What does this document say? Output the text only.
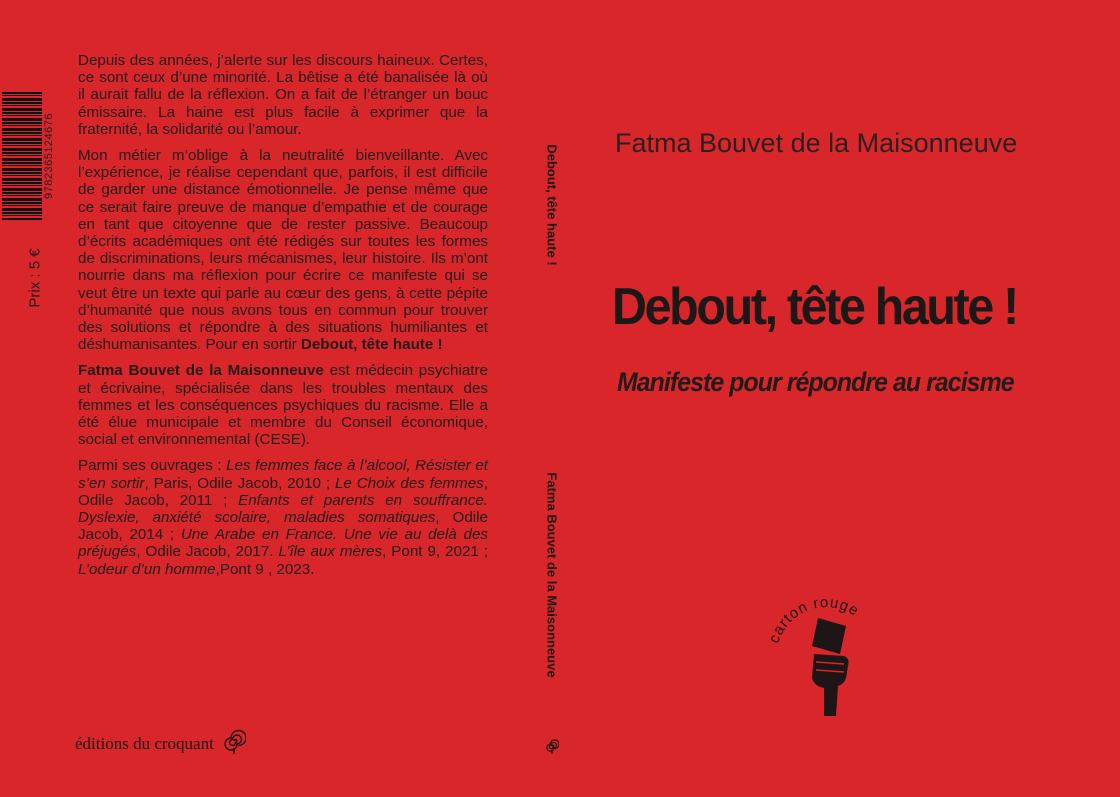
9782365124676
Prix : 5 €

Depuis des années, j’alerte sur les discours haineux. Certes, ce sont ceux d’une minorité. La bêtise a été banalisée là où il aurait fallu de la réflexion. On a fait de l’étranger un bouc émissaire. La haine est plus facile à exprimer que la fraternité, la solidarité ou l’amour.

Mon métier m’oblige à la neutralité bienveillante. Avec l’expérience, je réalise cependant que, parfois, il est difficile de garder une distance émotionnelle. Je pense même que ce serait faire preuve de manque d’empathie et de courage en tant que citoyenne que de rester passive. Beaucoup d’écrits académiques ont été rédigés sur toutes les formes de discriminations, leurs mécanismes, leur histoire. Ils m’ont nourrie dans ma réflexion pour écrire ce manifeste qui se veut être un texte qui parle au cœur des gens, à cette pépite d’humanité que nous avons tous en commun pour trouver des solutions et répondre à des situations humiliantes et déshumanisantes. Pour en sortir Debout, tête haute !

Fatma Bouvet de la Maisonneuve est médecin psychiatre et écrivaine, spécialisée dans les troubles mentaux des femmes et les conséquences psychiques du racisme. Elle a été élue municipale et membre du Conseil économique, social et environnemental (CESE).

Parmi ses ouvrages : Les femmes face à l’alcool, Résister et s’en sortir, Paris, Odile Jacob, 2010 ; Le Choix des femmes, Odile Jacob, 2011 ; Enfants et parents en souffrance. Dyslexie, anxiété scolaire, maladies somatiques, Odile Jacob, 2014 ; Une Arabe en France. Une vie au delà des préjugés, Odile Jacob, 2017. L’île aux mères, Pont 9, 2021 ; L’odeur d’un homme,Pont 9 , 2023.

éditions du croquant
Debout, tête haute !
Fatma Bouvet de la Maisonneuve
Fatma Bouvet de la Maisonneuve
Debout, tête haute !
Manifeste pour répondre au racisme
carton rouge
